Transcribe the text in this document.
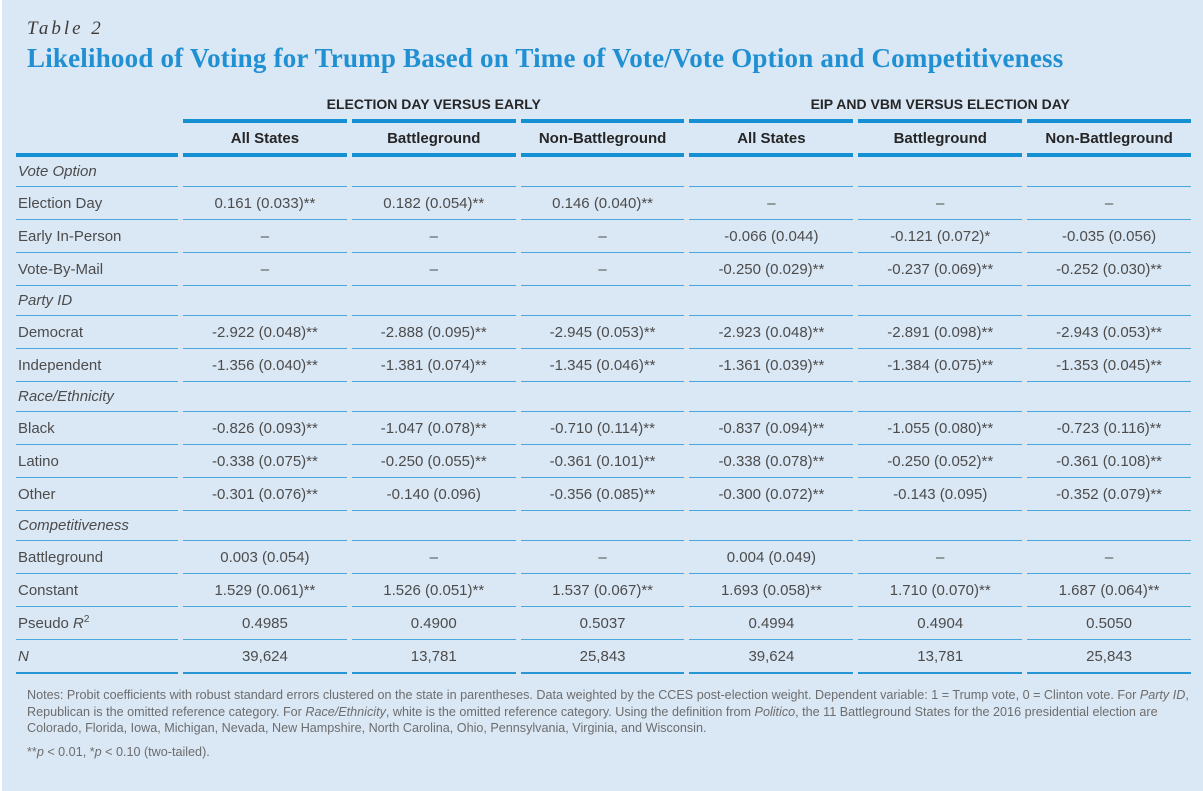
Table 2
Likelihood of Voting for Trump Based on Time of Vote/Vote Option and Competitiveness
	ELECTION DAY VERSUS EARLY			EIP AND VBM VERSUS ELECTION DAY		
	All States	Battleground	Non-Battleground	All States	Battleground	Non-Battleground
Vote Option						
Election Day	0.161 (0.033)**	0.182 (0.054)**	0.146 (0.040)**	–	–	–
Early In-Person	–	–	–	-0.066 (0.044)	-0.121 (0.072)*	-0.035 (0.056)
Vote-By-Mail	–	–	–	-0.250 (0.029)**	-0.237 (0.069)**	-0.252 (0.030)**
Party ID						
Democrat	-2.922 (0.048)**	-2.888 (0.095)**	-2.945 (0.053)**	-2.923 (0.048)**	-2.891 (0.098)**	-2.943 (0.053)**
Independent	-1.356 (0.040)**	-1.381 (0.074)**	-1.345 (0.046)**	-1.361 (0.039)**	-1.384 (0.075)**	-1.353 (0.045)**
Race/Ethnicity						
Black	-0.826 (0.093)**	-1.047 (0.078)**	-0.710 (0.114)**	-0.837 (0.094)**	-1.055 (0.080)**	-0.723 (0.116)**
Latino	-0.338 (0.075)**	-0.250 (0.055)**	-0.361 (0.101)**	-0.338 (0.078)**	-0.250 (0.052)**	-0.361 (0.108)**
Other	-0.301 (0.076)**	-0.140 (0.096)	-0.356 (0.085)**	-0.300 (0.072)**	-0.143 (0.095)	-0.352 (0.079)**
Competitiveness						
Battleground	0.003 (0.054)	–	–	0.004 (0.049)	–	–
Constant	1.529 (0.061)**	1.526 (0.051)**	1.537 (0.067)**	1.693 (0.058)**	1.710 (0.070)**	1.687 (0.064)**
Pseudo $R^2$	0.4985	0.4900	0.5037	0.4994	0.4904	0.5050
N	39,624	13,781	25,843	39,624	13,781	25,843

Notes: Probit coefficients with robust standard errors clustered on the state in parentheses. Data weighted by the CCES post-election weight. Dependent variable: 1 = Trump vote, 0 = Clinton vote. For Party ID, Republican is the omitted reference category. For Race/Ethnicity, white is the omitted reference category. Using the definition from Politico, the 11 Battleground States for the 2016 presidential election are Colorado, Florida, Iowa, Michigan, Nevada, New Hampshire, North Carolina, Ohio, Pennsylvania, Virginia, and Wisconsin.

**p < 0.01, *p < 0.10 (two-tailed).
